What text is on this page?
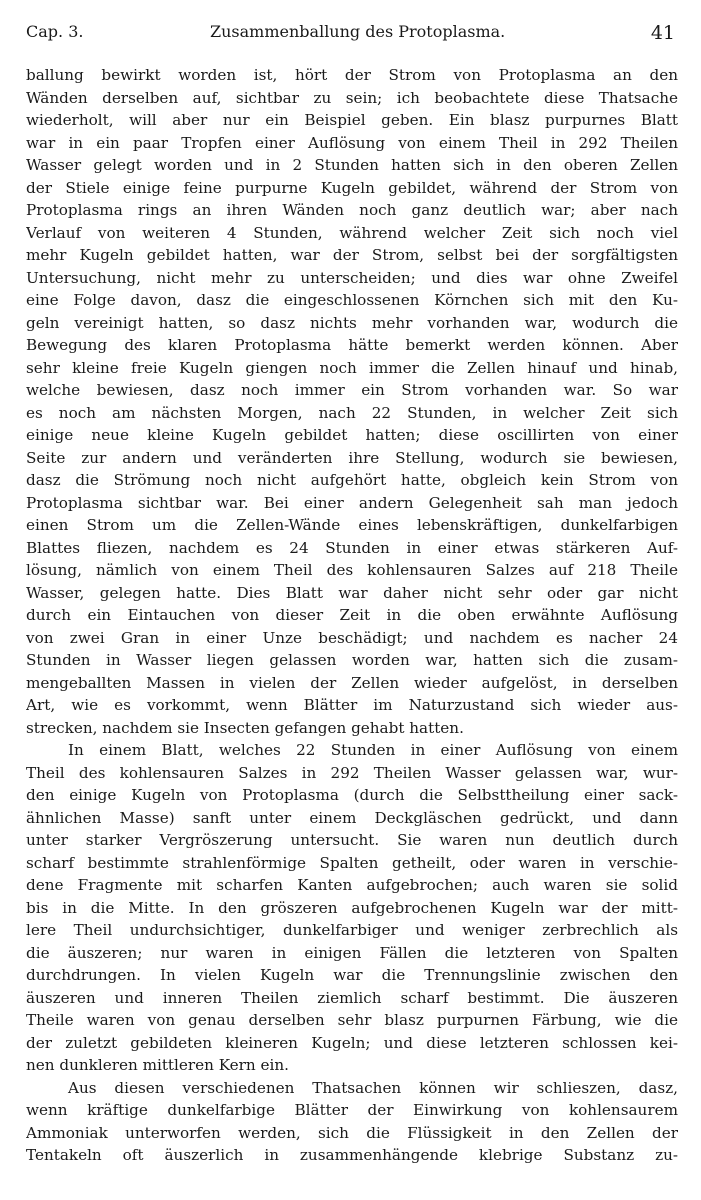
Cap. 3.	Zusammenballung des Protoplasma.	41
ballung bewirkt worden ist, hört der Strom von Protoplasma an den
Wänden derselben auf, sichtbar zu sein; ich beobachtete diese Thatsache
wiederholt, will aber nur ein Beispiel geben. Ein blasz purpurnes Blatt
war in ein paar Tropfen einer Auflösung von einem Theil in 292 Theilen
Wasser gelegt worden und in 2 Stunden hatten sich in den oberen Zellen
der Stiele einige feine purpurne Kugeln gebildet, während der Strom von
Protoplasma rings an ihren Wänden noch ganz deutlich war; aber nach
Verlauf von weiteren 4 Stunden, während welcher Zeit sich noch viel
mehr Kugeln gebildet hatten, war der Strom, selbst bei der sorgfältigsten
Untersuchung, nicht mehr zu unterscheiden; und dies war ohne Zweifel
eine Folge davon, dasz die eingeschlossenen Körnchen sich mit den Ku-
geln vereinigt hatten, so dasz nichts mehr vorhanden war, wodurch die
Bewegung des klaren Protoplasma hätte bemerkt werden können. Aber
sehr kleine freie Kugeln giengen noch immer die Zellen hinauf und hinab,
welche bewiesen, dasz noch immer ein Strom vorhanden war. So war
es noch am nächsten Morgen, nach 22 Stunden, in welcher Zeit sich
einige neue kleine Kugeln gebildet hatten; diese oscillirten von einer
Seite zur andern und veränderten ihre Stellung, wodurch sie bewiesen,
dasz die Strömung noch nicht aufgehört hatte, obgleich kein Strom von
Protoplasma sichtbar war. Bei einer andern Gelegenheit sah man jedoch
einen Strom um die Zellen-Wände eines lebenskräftigen, dunkelfarbigen
Blattes fliezen, nachdem es 24 Stunden in einer etwas stärkeren Auf-
lösung, nämlich von einem Theil des kohlensauren Salzes auf 218 Theile
Wasser, gelegen hatte. Dies Blatt war daher nicht sehr oder gar nicht
durch ein Eintauchen von dieser Zeit in die oben erwähnte Auflösung
von zwei Gran in einer Unze beschädigt; und nachdem es nacher 24
Stunden in Wasser liegen gelassen worden war, hatten sich die zusam-
mengeballten Massen in vielen der Zellen wieder aufgelöst, in derselben
Art, wie es vorkommt, wenn Blätter im Naturzustand sich wieder aus-
strecken, nachdem sie Insecten gefangen gehabt hatten.
In einem Blatt, welches 22 Stunden in einer Auflösung von einem
Theil des kohlensauren Salzes in 292 Theilen Wasser gelassen war, wur-
den einige Kugeln von Protoplasma (durch die Selbsttheilung einer sack-
ähnlichen Masse) sanft unter einem Deckgläschen gedrückt, und dann
unter starker Vergröszerung untersucht. Sie waren nun deutlich durch
scharf bestimmte strahlenförmige Spalten getheilt, oder waren in verschie-
dene Fragmente mit scharfen Kanten aufgebrochen; auch waren sie solid
bis in die Mitte. In den gröszeren aufgebrochenen Kugeln war der mitt-
lere Theil undurchsichtiger, dunkelfarbiger und weniger zerbrechlich als
die äuszeren; nur waren in einigen Fällen die letzteren von Spalten
durchdrungen. In vielen Kugeln war die Trennungslinie zwischen den
äuszeren und inneren Theilen ziemlich scharf bestimmt. Die äuszeren
Theile waren von genau derselben sehr blasz purpurnen Färbung, wie die
der zuletzt gebildeten kleineren Kugeln; und diese letzteren schlossen kei-
nen dunkleren mittleren Kern ein.
Aus diesen verschiedenen Thatsachen können wir schlieszen, dasz,
wenn kräftige dunkelfarbige Blätter der Einwirkung von kohlensaurem
Ammoniak unterworfen werden, sich die Flüssigkeit in den Zellen der
Tentakeln oft äuszerlich in zusammenhängende klebrige Substanz zu-
